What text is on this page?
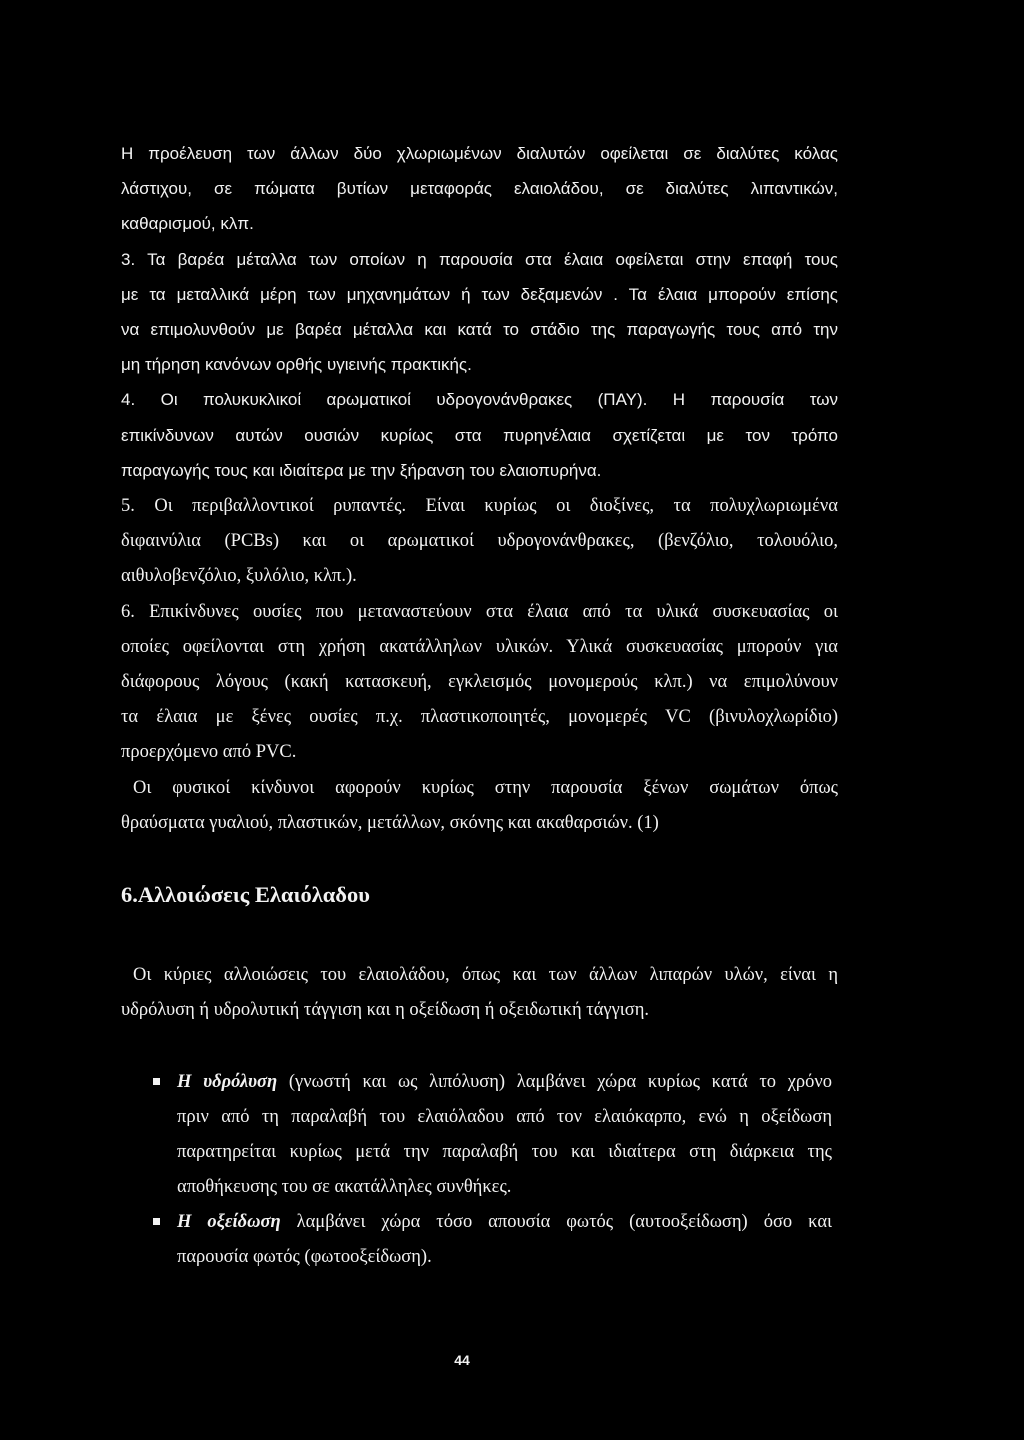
Η προέλευση των άλλων δύο χλωριωμένων διαλυτών οφείλεται σε διαλύτες κόλας
λάστιχου, σε πώματα βυτίων μεταφοράς ελαιολάδου, σε διαλύτες λιπαντικών,
καθαρισμού, κλπ.
3. Τα βαρέα μέταλλα των οποίων η παρουσία στα έλαια οφείλεται στην επαφή τους
με τα μεταλλικά μέρη των μηχανημάτων ή των δεξαμενών . Τα έλαια μπορούν επίσης
να επιμολυνθούν με βαρέα μέταλλα και κατά το στάδιο της παραγωγής τους από την
μη τήρηση κανόνων ορθής υγιεινής πρακτικής.
4. Οι πολυκυκλικοί αρωματικοί υδρογονάνθρακες (ΠΑΥ). Η παρουσία των
επικίνδυνων αυτών ουσιών κυρίως στα πυρηνέλαια σχετίζεται με τον τρόπο
παραγωγής τους και ιδιαίτερα με την ξήρανση του ελαιοπυρήνα.
5. Οι περιβαλλοντικοί ρυπαντές. Είναι κυρίως οι διοξίνες, τα πολυχλωριωμένα
διφαινύλια (PCBs) και οι αρωματικοί υδρογονάνθρακες, (βενζόλιο, τολουόλιο,
αιθυλοβενζόλιο, ξυλόλιο, κλπ.).
6. Επικίνδυνες ουσίες που μεταναστεύουν στα έλαια από τα υλικά συσκευασίας οι
οποίες οφείλονται στη χρήση ακατάλληλων υλικών. Υλικά συσκευασίας μπορούν για
διάφορους λόγους (κακή κατασκευή, εγκλεισμός μονομερούς κλπ.) να επιμολύνουν
τα έλαια με ξένες ουσίες π.χ. πλαστικοποιητές, μονομερές VC (βινυλοχλωρίδιο)
προερχόμενο από PVC.
Οι φυσικοί κίνδυνοι αφορούν κυρίως στην παρουσία ξένων σωμάτων όπως
θραύσματα γυαλιού, πλαστικών, μετάλλων, σκόνης και ακαθαρσιών. (1)
6.Αλλοιώσεις Ελαιόλαδου
Οι κύριες αλλοιώσεις του ελαιολάδου, όπως και των άλλων λιπαρών υλών, είναι η
υδρόλυση ή υδρολυτική τάγγιση και η οξείδωση ή οξειδωτική τάγγιση.
Η υδρόλυση (γνωστή και ως λιπόλυση) λαμβάνει χώρα κυρίως κατά το χρόνο
πριν από τη παραλαβή του ελαιόλαδου από τον ελαιόκαρπο, ενώ η οξείδωση
παρατηρείται κυρίως μετά την παραλαβή του και ιδιαίτερα στη διάρκεια της
αποθήκευσης του σε ακατάλληλες συνθήκες.
Η οξείδωση λαμβάνει χώρα τόσο απουσία φωτός (αυτοοξείδωση) όσο και
παρουσία φωτός (φωτοοξείδωση).
44
